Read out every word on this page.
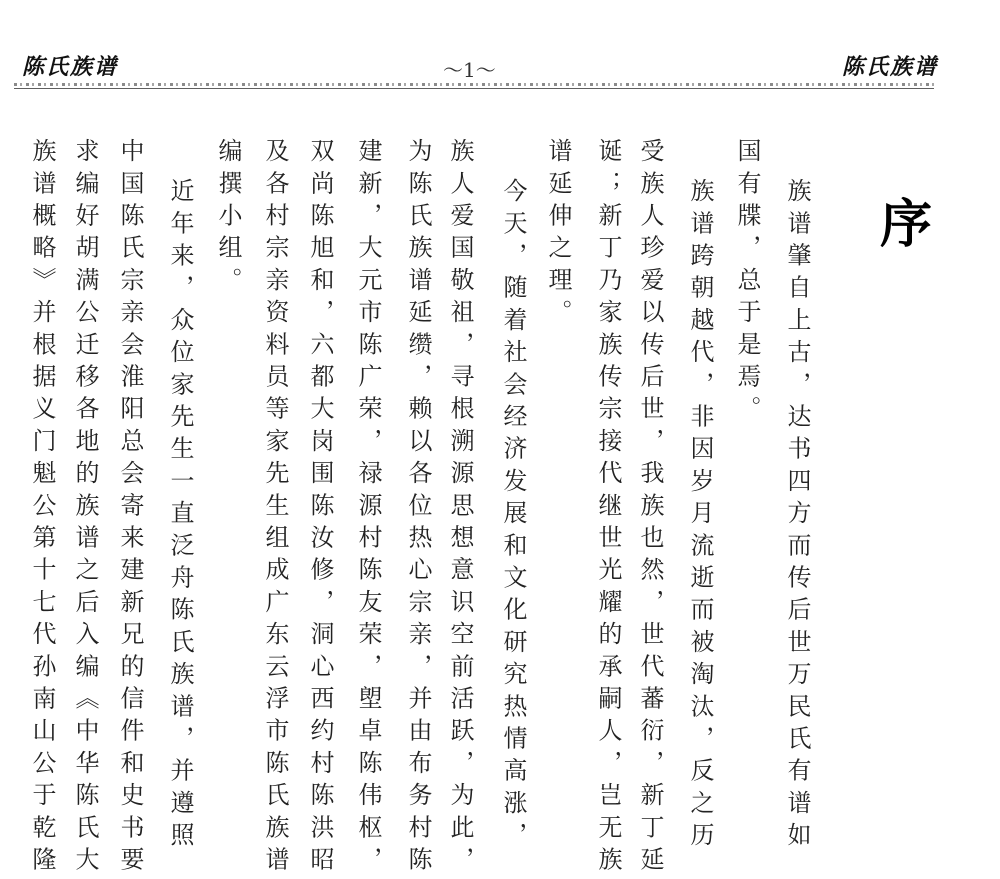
陈氏族谱	～1～	陈氏族谱
序
族谱肇自上古，达书四方而传后世万民氏有谱如
国有牒，总于是焉。
族谱跨朝越代，非因岁月流逝而被淘汰，反之历
受族人珍爱以传后世，我族也然，世代蕃衍，新丁延
诞；新丁乃家族传宗接代继世光耀的承嗣人，岂无族
谱延伸之理。
今天，随着社会经济发展和文化研究热情高涨，
族人爱国敬祖，寻根溯源思想意识空前活跃，为此，
为陈氏族谱延缵，赖以各位热心宗亲，并由布务村陈
建新，大元市陈广荣，禄源村陈友荣，塱卓陈伟枢，
双尚陈旭和，六都大岗围陈汝修，洞心西约村陈洪昭
及各村宗亲资料员等家先生组成广东云浮市陈氏族谱
编撰小组。
近年来，众位家先生一直泛舟陈氏族谱，并遵照
中国陈氏宗亲会淮阳总会寄来建新兄的信件和史书要
求编好胡满公迁移各地的族谱之后入编《中华陈氏大
族谱概略》并根据义门魁公第十七代孙南山公于乾隆
